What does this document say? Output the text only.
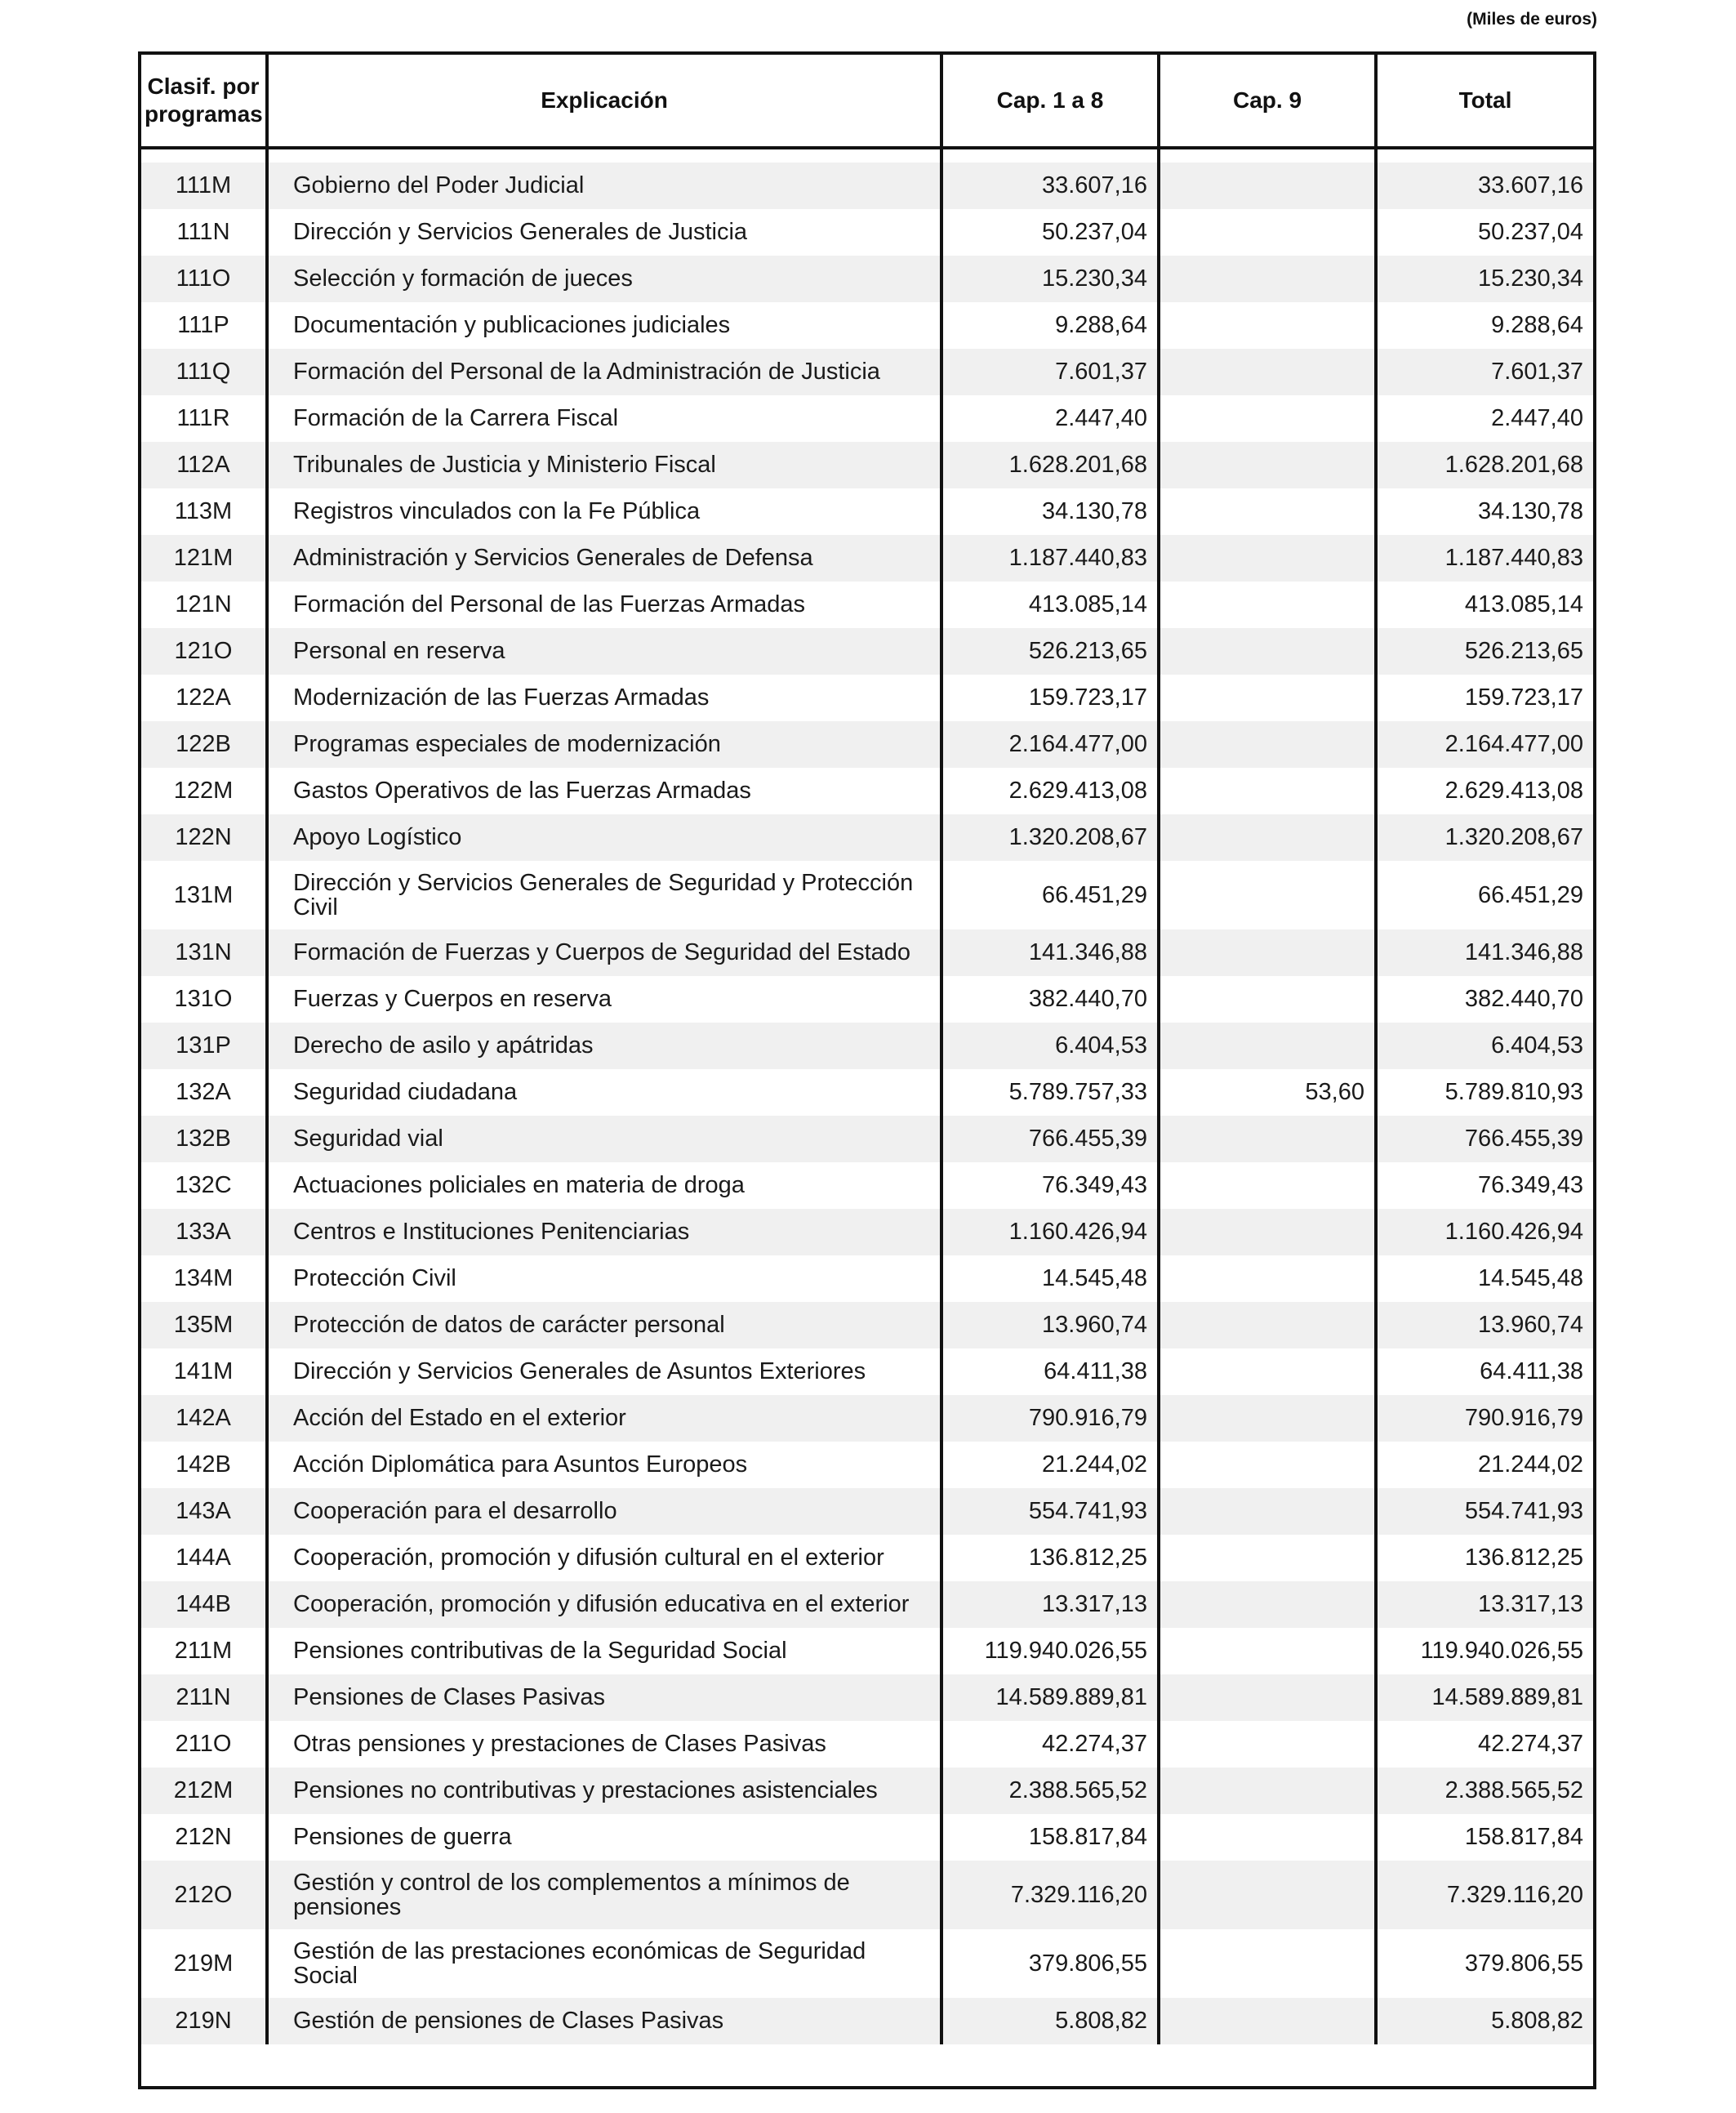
(Miles de euros)
Clasif. por programas	Explicación	Cap. 1 a 8	Cap. 9	Total

111M	Gobierno del Poder Judicial	33.607,16		33.607,16
111N	Dirección y Servicios Generales de Justicia	50.237,04		50.237,04
111O	Selección y formación de jueces	15.230,34		15.230,34
111P	Documentación y publicaciones judiciales	9.288,64		9.288,64
111Q	Formación del Personal de la Administración de Justicia	7.601,37		7.601,37
111R	Formación de la Carrera Fiscal	2.447,40		2.447,40
112A	Tribunales de Justicia y Ministerio Fiscal	1.628.201,68		1.628.201,68
113M	Registros vinculados con la Fe Pública	34.130,78		34.130,78
121M	Administración y Servicios Generales de Defensa	1.187.440,83		1.187.440,83
121N	Formación del Personal de las Fuerzas Armadas	413.085,14		413.085,14
121O	Personal en reserva	526.213,65		526.213,65
122A	Modernización de las Fuerzas Armadas	159.723,17		159.723,17
122B	Programas especiales de modernización	2.164.477,00		2.164.477,00
122M	Gastos Operativos de las Fuerzas Armadas	2.629.413,08		2.629.413,08
122N	Apoyo Logístico	1.320.208,67		1.320.208,67
131M	Dirección y Servicios Generales de Seguridad y Protección Civil	66.451,29		66.451,29
131N	Formación de Fuerzas y Cuerpos de Seguridad del Estado	141.346,88		141.346,88
131O	Fuerzas y Cuerpos en reserva	382.440,70		382.440,70
131P	Derecho de asilo y apátridas	6.404,53		6.404,53
132A	Seguridad ciudadana	5.789.757,33	53,60	5.789.810,93
132B	Seguridad vial	766.455,39		766.455,39
132C	Actuaciones policiales en materia de droga	76.349,43		76.349,43
133A	Centros e Instituciones Penitenciarias	1.160.426,94		1.160.426,94
134M	Protección Civil	14.545,48		14.545,48
135M	Protección de datos de carácter personal	13.960,74		13.960,74
141M	Dirección y Servicios Generales de Asuntos Exteriores	64.411,38		64.411,38
142A	Acción del Estado en el exterior	790.916,79		790.916,79
142B	Acción Diplomática para Asuntos Europeos	21.244,02		21.244,02
143A	Cooperación para el desarrollo	554.741,93		554.741,93
144A	Cooperación, promoción y difusión cultural en el exterior	136.812,25		136.812,25
144B	Cooperación, promoción y difusión educativa en el exterior	13.317,13		13.317,13
211M	Pensiones contributivas de la Seguridad Social	119.940.026,55		119.940.026,55
211N	Pensiones de Clases Pasivas	14.589.889,81		14.589.889,81
211O	Otras pensiones y prestaciones de Clases Pasivas	42.274,37		42.274,37
212M	Pensiones no contributivas y prestaciones asistenciales	2.388.565,52		2.388.565,52
212N	Pensiones de guerra	158.817,84		158.817,84
212O	Gestión y control de los complementos a mínimos de pensiones	7.329.116,20		7.329.116,20
219M	Gestión de las prestaciones económicas de Seguridad Social	379.806,55		379.806,55
219N	Gestión de pensiones de Clases Pasivas	5.808,82		5.808,82
